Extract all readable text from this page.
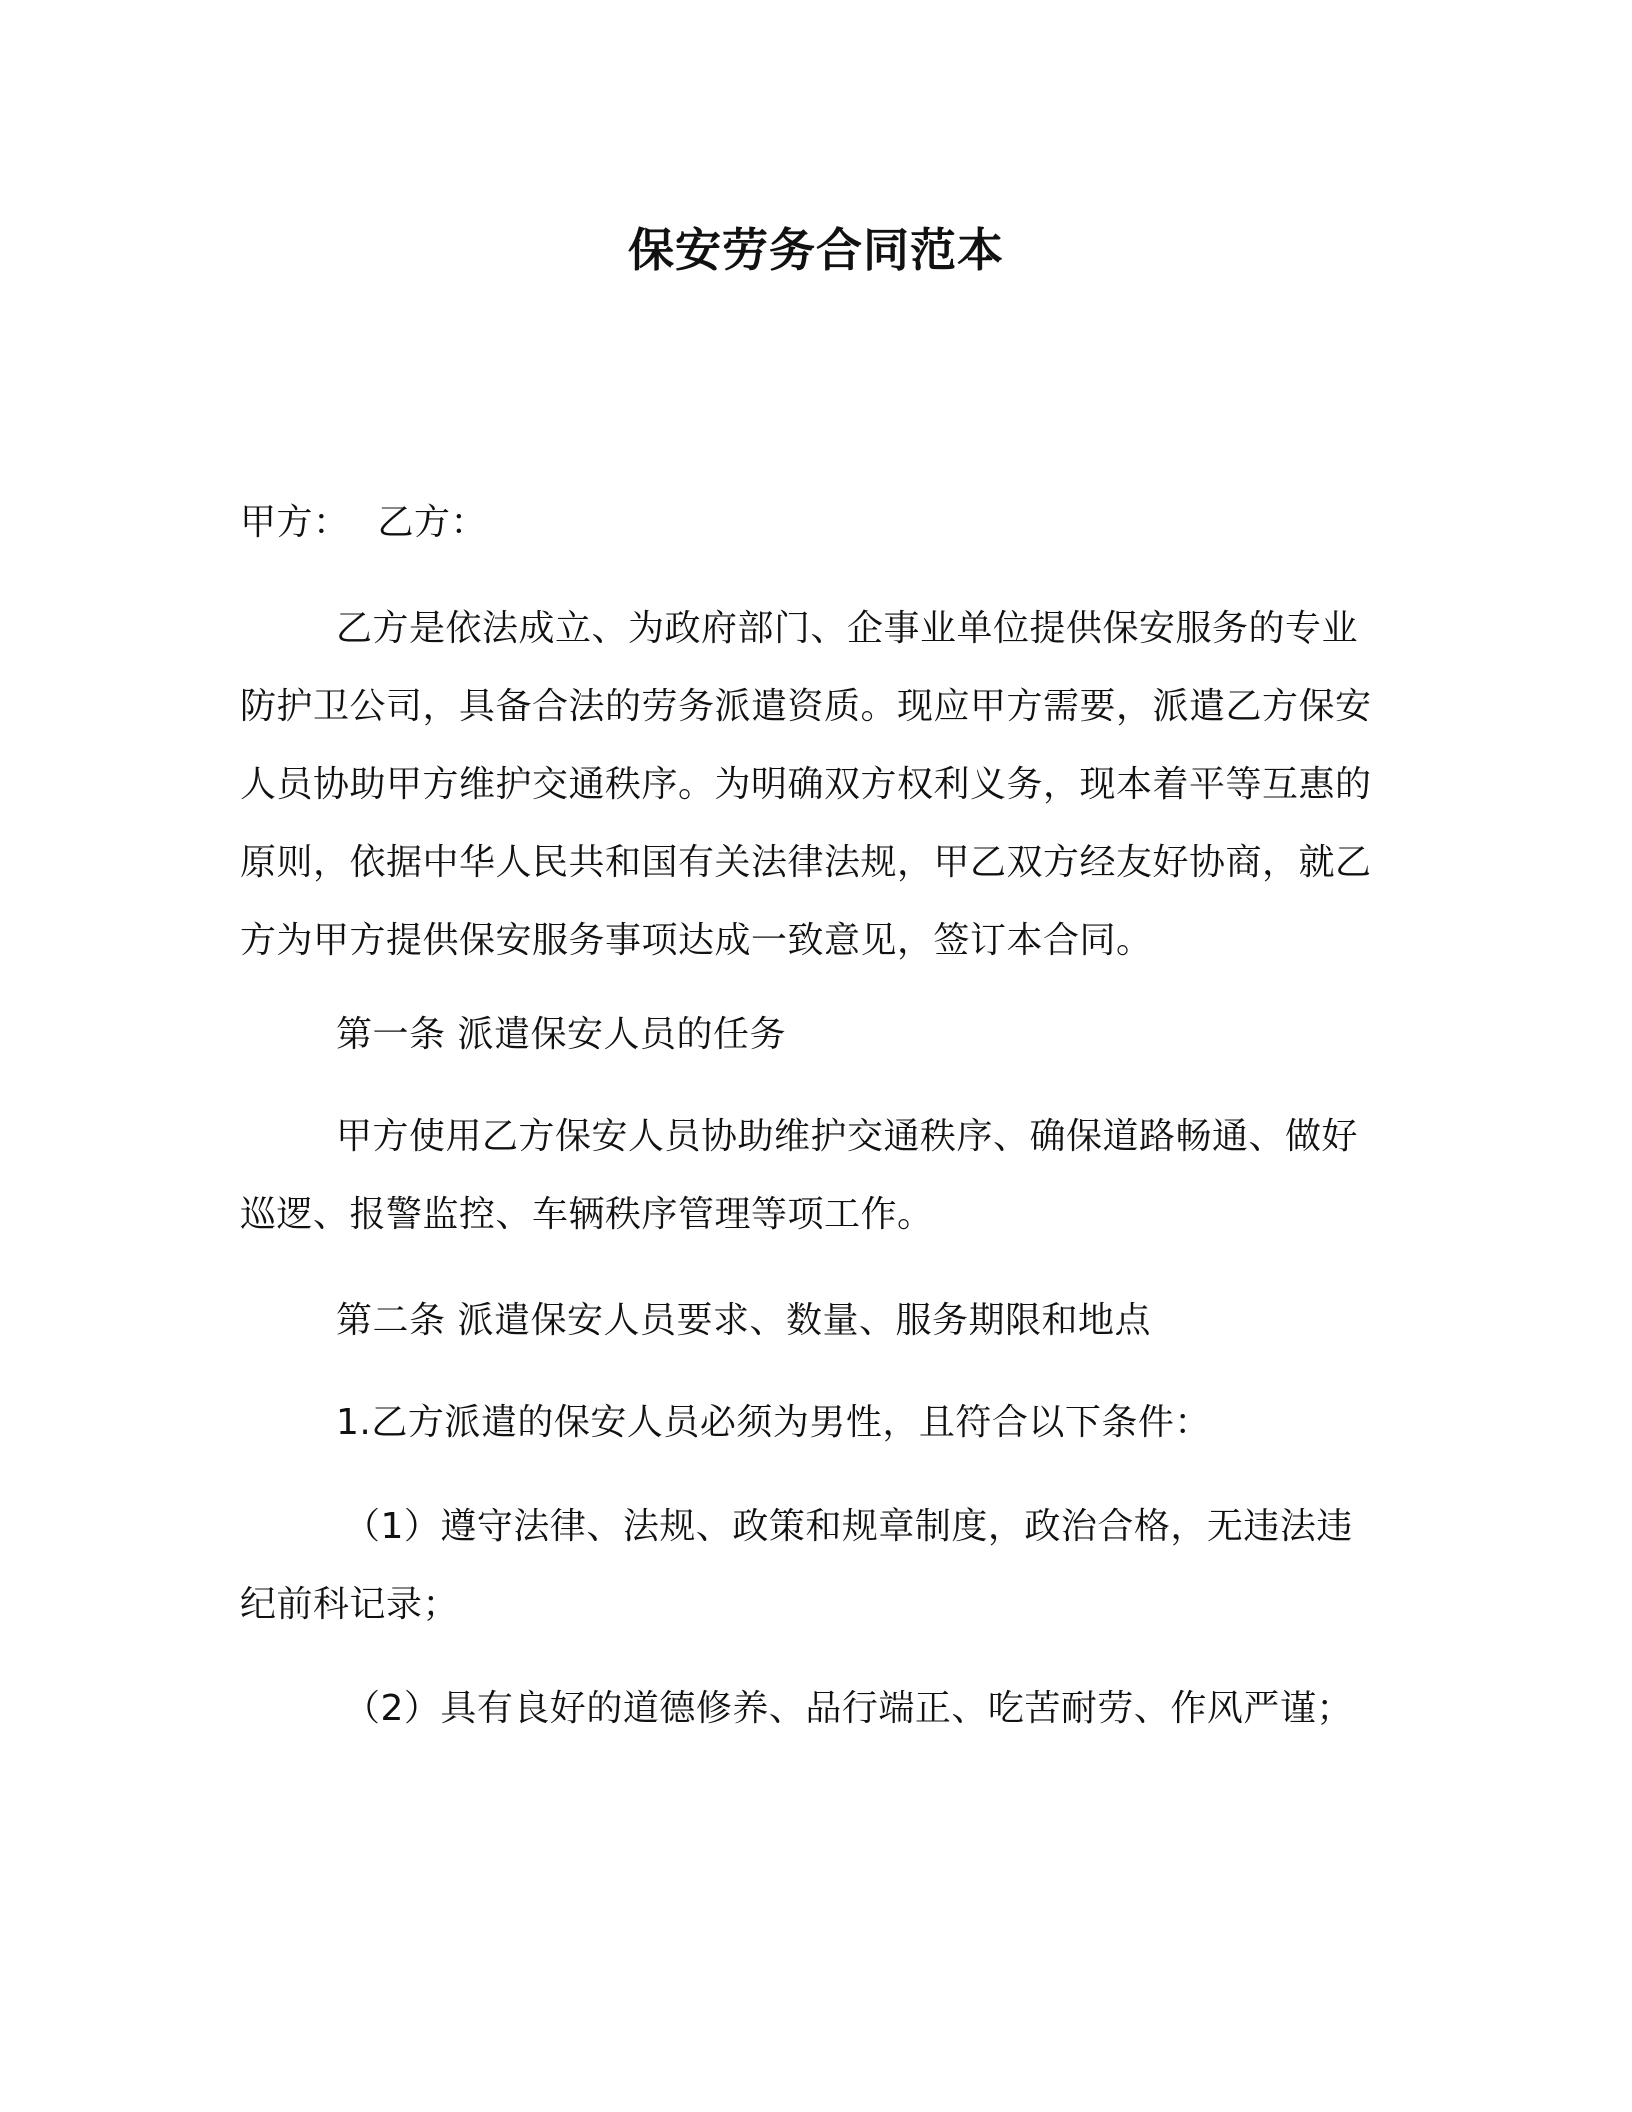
保安劳务合同范本
甲方： 乙方：

乙方是依法成立、为政府部门、企事业单位提供保安服务的专业防护卫公司，具备合法的劳务派遣资质。现应甲方需要，派遣乙方保安人员协助甲方维护交通秩序。为明确双方权利义务，现本着平等互惠的原则，依据中华人民共和国有关法律法规，甲乙双方经友好协商，就乙方为甲方提供保安服务事项达成一致意见，签订本合同。

第一条 派遣保安人员的任务

甲方使用乙方保安人员协助维护交通秩序、确保道路畅通、做好巡逻、报警监控、车辆秩序管理等项工作。

第二条 派遣保安人员要求、数量、服务期限和地点

1.乙方派遣的保安人员必须为男性，且符合以下条件：

（1）遵守法律、法规、政策和规章制度，政治合格，无违法违纪前科记录；

（2）具有良好的道德修养、品行端正、吃苦耐劳、作风严谨；
